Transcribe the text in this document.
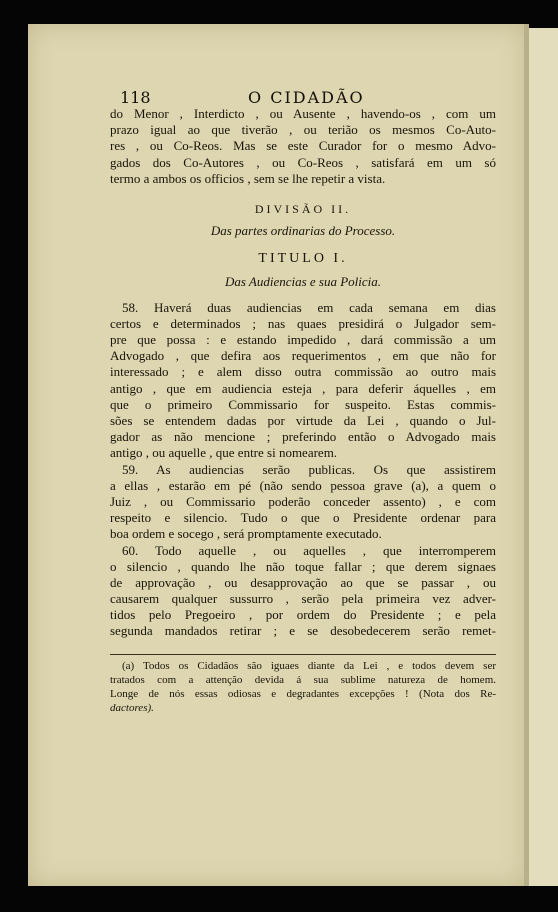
118	O CIDADÃO
do Menor , Interdicto , ou Ausente , havendo-os , com um
prazo igual ao que tiverão , ou terião os mesmos Co-Auto-
res , ou Co-Reos. Mas se este Curador for o mesmo Advo-
gados dos Co-Autores , ou Co-Reos , satisfará em um só
termo a ambos os officios , sem se lhe repetir a vista.
DIVISÃO II.
Das partes ordinarias do Processo.
TITULO I.
Das Audiencias e sua Policia.
58. Haverá duas audiencias em cada semana em dias
certos e determinados ; nas quaes presidirá o Julgador sem-
pre que possa : e estando impedido , dará commissão a um
Advogado , que defira aos requerimentos , em que não for
interessado ; e alem disso outra commissão ao outro mais
antigo , que em audiencia esteja , para deferir áquelles , em
que o primeiro Commissario for suspeito. Estas commis-
sões se entendem dadas por virtude da Lei , quando o Jul-
gador as não mencione ; preferindo então o Advogado mais
antigo , ou aquelle , que entre si nomearem.
59. As audiencias serão publicas. Os que assistirem
a ellas , estarão em pé (não sendo pessoa grave (a), a quem o
Juiz , ou Commissario poderão conceder assento) , e com
respeito e silencio. Tudo o que o Presidente ordenar para
boa ordem e socego , será promptamente executado.
60. Todo aquelle , ou aquelles , que interromperem
o silencio , quando lhe não toque fallar ; que derem signaes
de approvação , ou desapprovação ao que se passar , ou
causarem qualquer sussurro , serão pela primeira vez adver-
tidos pelo Pregoeiro , por ordem do Presidente ; e pela
segunda mandados retirar ; e se desobedecerem serão remet-
(a) Todos os Cidadãos são iguaes diante da Lei , e todos devem ser
tratados com a attenção devida á sua sublime natureza de homem.
Longe de nós essas odiosas e degradantes excepções ! (Nota dos Re-
dactores).
